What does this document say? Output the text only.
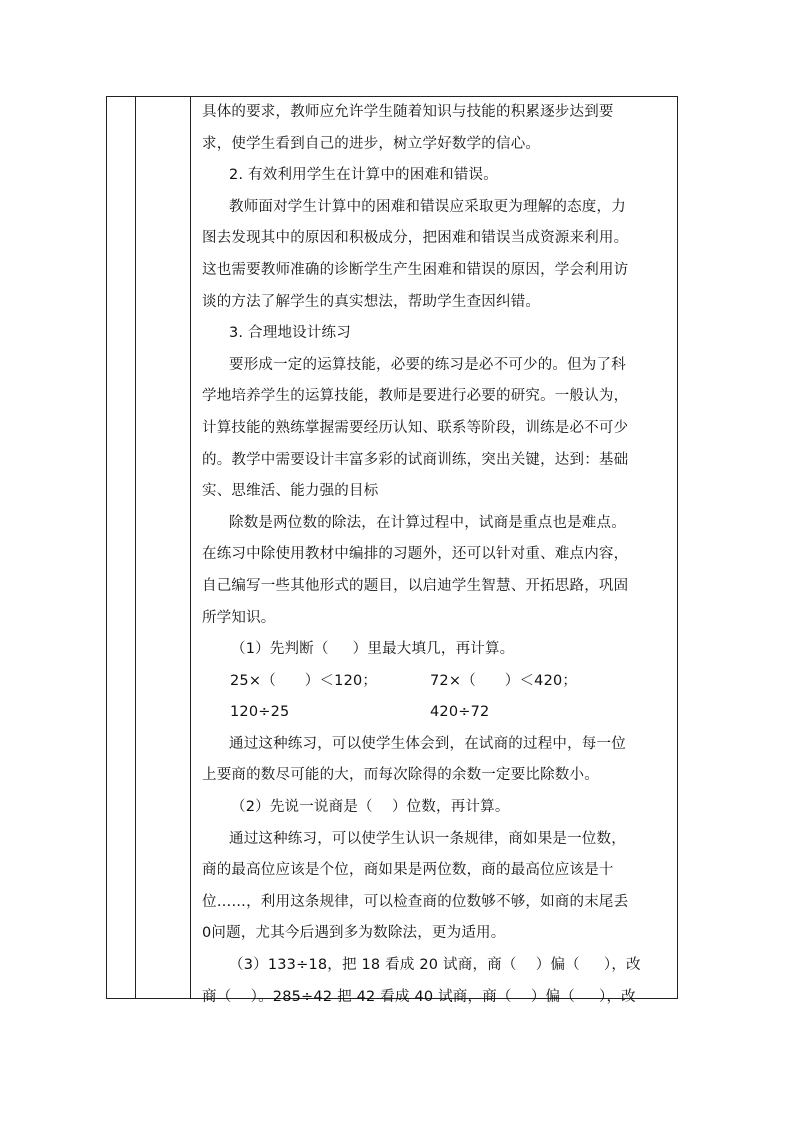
具体的要求，教师应允许学生随着知识与技能的积累逐步达到要
求，使学生看到自己的进步，树立学好数学的信心。
2. 有效利用学生在计算中的困难和错误。
教师面对学生计算中的困难和错误应采取更为理解的态度，力
图去发现其中的原因和积极成分，把困难和错误当成资源来利用。
这也需要教师准确的诊断学生产生困难和错误的原因，学会利用访
谈的方法了解学生的真实想法，帮助学生查因纠错。
3. 合理地设计练习
要形成一定的运算技能，必要的练习是必不可少的。但为了科
学地培养学生的运算技能，教师是要进行必要的研究。一般认为，
计算技能的熟练掌握需要经历认知、联系等阶段，训练是必不可少
的。教学中需要设计丰富多彩的试商训练，突出关键，达到：基础
实、思维活、能力强的目标
除数是两位数的除法，在计算过程中，试商是重点也是难点。
在练习中除使用教材中编排的习题外，还可以针对重、难点内容，
自己编写一些其他形式的题目，以启迪学生智慧、开拓思路，巩固
所学知识。
（1）先判断（     ）里最大填几，再计算。
25×（      ）＜120；	72×（      ）＜420；
120÷25	420÷72
通过这种练习，可以使学生体会到，在试商的过程中，每一位
上要商的数尽可能的大，而每次除得的余数一定要比除数小。
（2）先说一说商是（    ）位数，再计算。
通过这种练习，可以使学生认识一条规律，商如果是一位数，
商的最高位应该是个位，商如果是两位数，商的最高位应该是十
位……，利用这条规律，可以检查商的位数够不够，如商的末尾丢
0问题，尤其今后遇到多为数除法，更为适用。
（3）133÷18，把 18 看成 20 试商，商（    ）偏（     ），改
商（    ）。285÷42 把 42 看成 40 试商，商（    ）偏（     ），改
